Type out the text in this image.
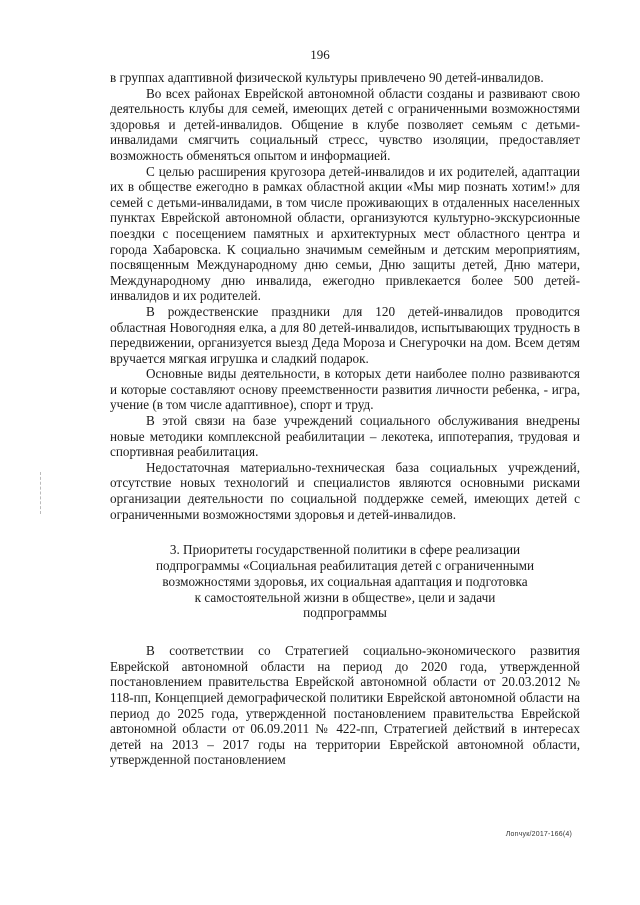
196

в группах адаптивной физической культуры привлечено 90 детей-инвалидов.

Во всех районах Еврейской автономной области созданы и развивают свою деятельность клубы для семей, имеющих детей с ограниченными возможностями здоровья и детей-инвалидов. Общение в клубе позволяет семьям с детьми-инвалидами смягчить социальный стресс, чувство изоляции, предоставляет возможность обменяться опытом и информацией.

С целью расширения кругозора детей-инвалидов и их родителей, адаптации их в обществе ежегодно в рамках областной акции «Мы мир познать хотим!» для семей с детьми-инвалидами, в том числе проживающих в отдаленных населенных пунктах Еврейской автономной области, организуются культурно-экскурсионные поездки с посещением памятных и архитектурных мест областного центра и города Хабаровска. К социально значимым семейным и детским мероприятиям, посвященным Международному дню семьи, Дню защиты детей, Дню матери, Международному дню инвалида, ежегодно привлекается более 500 детей-инвалидов и их родителей.

В рождественские праздники для 120 детей-инвалидов проводится областная Новогодняя елка, а для 80 детей-инвалидов, испытывающих трудность в передвижении, организуется выезд Деда Мороза и Снегурочки на дом. Всем детям вручается мягкая игрушка и сладкий подарок.

Основные виды деятельности, в которых дети наиболее полно развиваются и которые составляют основу преемственности развития личности ребенка, - игра, учение (в том числе адаптивное), спорт и труд.

В этой связи на базе учреждений социального обслуживания внедрены новые методики комплексной реабилитации – лекотека, иппотерапия, трудовая и спортивная реабилитация.

Недостаточная материально-техническая база социальных учреждений, отсутствие новых технологий и специалистов являются основными рисками организации деятельности по социальной поддержке семей, имеющих детей с ограниченными возможностями здоровья и детей-инвалидов.

3. Приоритеты государственной политики в сфере реализации
подпрограммы «Социальная реабилитация детей с ограниченными
возможностями здоровья, их социальная адаптация и подготовка
к самостоятельной жизни в обществе», цели и задачи
подпрограммы

В соответствии со Стратегией социально-экономического развития Еврейской автономной области на период до 2020 года, утвержденной постановлением правительства Еврейской автономной области от 20.03.2012 № 118-пп, Концепцией демографической политики Еврейской автономной области на период до 2025 года, утвержденной постановлением правительства Еврейской автономной области от 06.09.2011 № 422-пп, Стратегией действий в интересах детей на 2013 – 2017 годы на территории Еврейской автономной области, утвержденной постановлением

Лоnчук/2017-166(4)
